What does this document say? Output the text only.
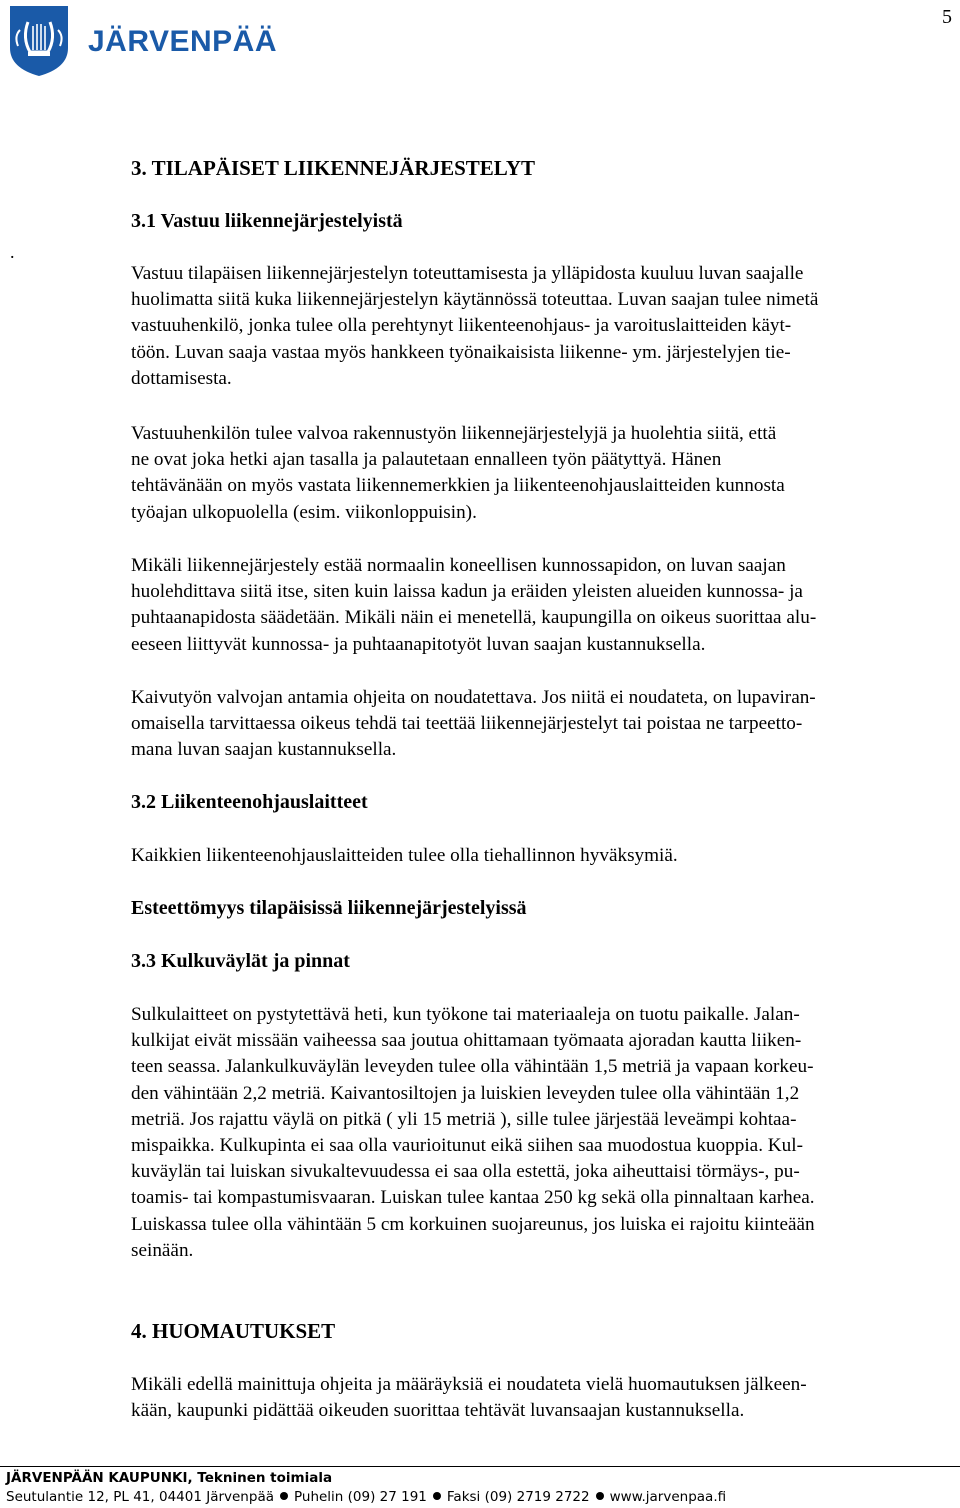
JÄRVENPÄÄ
5
.
3. TILAPÄISET LIIKENNEJÄRJESTELYT
3.1 Vastuu liikennejärjestelyistä
Vastuu tilapäisen liikennejärjestelyn toteuttamisesta ja ylläpidosta kuuluu luvan saajalle
huolimatta siitä kuka liikennejärjestelyn käytännössä toteuttaa. Luvan saajan tulee nimetä
vastuuhenkilö, jonka tulee olla perehtynyt liikenteenohjaus- ja varoituslaitteiden käyt-
töön. Luvan saaja vastaa myös hankkeen työnaikaisista liikenne- ym. järjestelyjen tie-
dottamisesta.
Vastuuhenkilön tulee valvoa rakennustyön liikennejärjestelyjä ja huolehtia siitä, että
ne ovat joka hetki ajan tasalla ja palautetaan ennalleen työn päätyttyä. Hänen
tehtävänään on myös vastata liikennemerkkien ja liikenteenohjauslaitteiden kunnosta
työajan ulkopuolella (esim. viikonloppuisin).
Mikäli liikennejärjestely estää normaalin koneellisen kunnossapidon, on luvan saajan
huolehdittava siitä itse, siten kuin laissa kadun ja eräiden yleisten alueiden kunnossa- ja
puhtaanapidosta säädetään. Mikäli näin ei menetellä, kaupungilla on oikeus suorittaa alu-
eeseen liittyvät kunnossa- ja puhtaanapitotyöt luvan saajan kustannuksella.
Kaivutyön valvojan antamia ohjeita on noudatettava. Jos niitä ei noudateta, on lupaviran-
omaisella tarvittaessa oikeus tehdä tai teettää liikennejärjestelyt tai poistaa ne tarpeetto-
mana luvan saajan kustannuksella.
3.2 Liikenteenohjauslaitteet
Kaikkien liikenteenohjauslaitteiden tulee olla tiehallinnon hyväksymiä.
Esteettömyys tilapäisissä liikennejärjestelyissä
3.3 Kulkuväylät ja pinnat
Sulkulaitteet on pystytettävä heti, kun työkone tai materiaaleja on tuotu paikalle. Jalan-
kulkijat eivät missään vaiheessa saa joutua ohittamaan työmaata ajoradan kautta liiken-
teen seassa. Jalankulkuväylän leveyden tulee olla vähintään 1,5 metriä ja vapaan korkeu-
den vähintään 2,2 metriä. Kaivantosiltojen ja luiskien leveyden tulee olla vähintään 1,2
metriä. Jos rajattu väylä on pitkä ( yli 15 metriä ), sille tulee järjestää leveämpi kohtaa-
mispaikka. Kulkupinta ei saa olla vaurioitunut eikä siihen saa muodostua kuoppia. Kul-
kuväylän tai luiskan sivukaltevuudessa ei saa olla estettä, joka aiheuttaisi törmäys-, pu-
toamis- tai kompastumisvaaran. Luiskan tulee kantaa 250 kg sekä olla pinnaltaan karhea.
Luiskassa tulee olla vähintään 5 cm korkuinen suojareunus, jos luiska ei rajoitu kiinteään
seinään.
4. HUOMAUTUKSET
Mikäli edellä mainittuja ohjeita ja määräyksiä ei noudateta vielä huomautuksen jälkeen-
kään, kaupunki pidättää oikeuden suorittaa tehtävät luvansaajan kustannuksella.
JÄRVENPÄÄN KAUPUNKI, Tekninen toimiala
Seutulantie 12, PL 41, 04401 Järvenpää Puhelin (09) 27 191 Faksi (09) 2719 2722 www.jarvenpaa.fi
